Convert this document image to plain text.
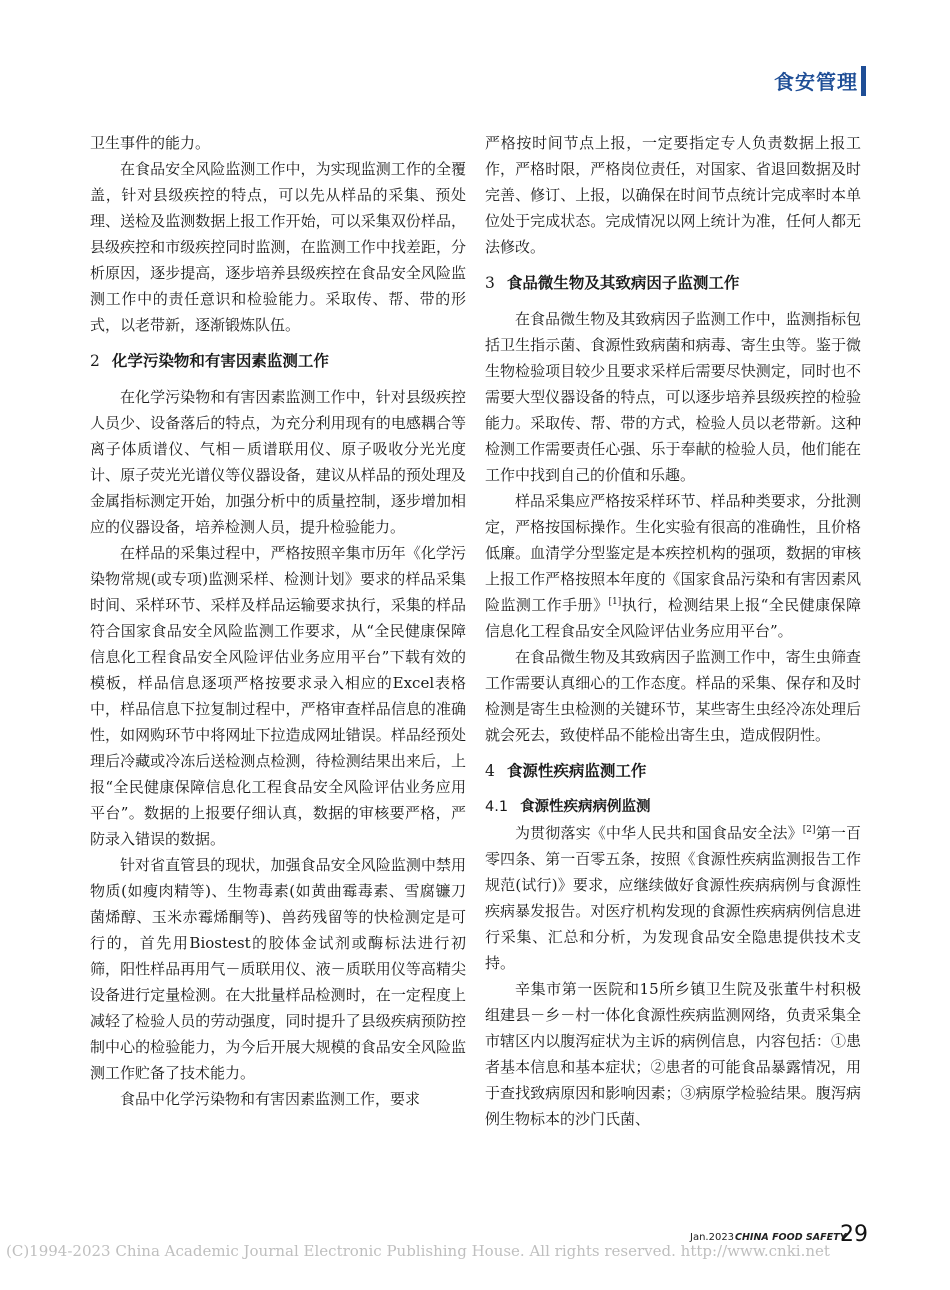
食安管理

卫生事件的能力。

在食品安全风险监测工作中，为实现监测工作的全覆盖，针对县级疾控的特点，可以先从样品的采集、预处理、送检及监测数据上报工作开始，可以采集双份样品，县级疾控和市级疾控同时监测，在监测工作中找差距，分析原因，逐步提高，逐步培养县级疾控在食品安全风险监测工作中的责任意识和检验能力。采取传、帮、带的形式，以老带新，逐渐锻炼队伍。

2 化学污染物和有害因素监测工作

在化学污染物和有害因素监测工作中，针对县级疾控人员少、设备落后的特点，为充分利用现有的电感耦合等离子体质谱仪、气相－质谱联用仪、原子吸收分光光度计、原子荧光光谱仪等仪器设备，建议从样品的预处理及金属指标测定开始，加强分析中的质量控制，逐步增加相应的仪器设备，培养检测人员，提升检验能力。

在样品的采集过程中，严格按照辛集市历年《化学污染物常规(或专项)监测采样、检测计划》要求的样品采集时间、采样环节、采样及样品运输要求执行，采集的样品符合国家食品安全风险监测工作要求，从“全民健康保障信息化工程食品安全风险评估业务应用平台”下载有效的模板，样品信息逐项严格按要求录入相应的Excel表格中，样品信息下拉复制过程中，严格审查样品信息的准确性，如网购环节中将网址下拉造成网址错误。样品经预处理后冷藏或冷冻后送检测点检测，待检测结果出来后，上报“全民健康保障信息化工程食品安全风险评估业务应用平台”。数据的上报要仔细认真，数据的审核要严格，严防录入错误的数据。

针对省直管县的现状，加强食品安全风险监测中禁用物质(如瘦肉精等)、生物毒素(如黄曲霉毒素、雪腐镰刀菌烯醇、玉米赤霉烯酮等)、兽药残留等的快检测定是可行的，首先用Biostest的胶体金试剂或酶标法进行初筛，阳性样品再用气－质联用仪、液－质联用仪等高精尖设备进行定量检测。在大批量样品检测时，在一定程度上减轻了检验人员的劳动强度，同时提升了县级疾病预防控制中心的检验能力，为今后开展大规模的食品安全风险监测工作贮备了技术能力。

食品中化学污染物和有害因素监测工作，要求

严格按时间节点上报，一定要指定专人负责数据上报工作，严格时限，严格岗位责任，对国家、省退回数据及时完善、修订、上报，以确保在时间节点统计完成率时本单位处于完成状态。完成情况以网上统计为准，任何人都无法修改。

3 食品微生物及其致病因子监测工作

在食品微生物及其致病因子监测工作中，监测指标包括卫生指示菌、食源性致病菌和病毒、寄生虫等。鉴于微生物检验项目较少且要求采样后需要尽快测定，同时也不需要大型仪器设备的特点，可以逐步培养县级疾控的检验能力。采取传、帮、带的方式，检验人员以老带新。这种检测工作需要责任心强、乐于奉献的检验人员，他们能在工作中找到自己的价值和乐趣。

样品采集应严格按采样环节、样品种类要求，分批测定，严格按国标操作。生化实验有很高的准确性，且价格低廉。血清学分型鉴定是本疾控机构的强项，数据的审核上报工作严格按照本年度的《国家食品污染和有害因素风险监测工作手册》[1]执行，检测结果上报“全民健康保障信息化工程食品安全风险评估业务应用平台”。

在食品微生物及其致病因子监测工作中，寄生虫筛查工作需要认真细心的工作态度。样品的采集、保存和及时检测是寄生虫检测的关键环节，某些寄生虫经冷冻处理后就会死去，致使样品不能检出寄生虫，造成假阴性。

4 食源性疾病监测工作
4.1 食源性疾病病例监测

为贯彻落实《中华人民共和国食品安全法》[2]第一百零四条、第一百零五条，按照《食源性疾病监测报告工作规范(试行)》要求，应继续做好食源性疾病病例与食源性疾病暴发报告。对医疗机构发现的食源性疾病病例信息进行采集、汇总和分析，为发现食品安全隐患提供技术支持。

辛集市第一医院和15所乡镇卫生院及张董牛村积极组建县－乡－村一体化食源性疾病监测网络，负责采集全市辖区内以腹泻症状为主诉的病例信息，内容包括：①患者基本信息和基本症状；②患者的可能食品暴露情况，用于查找致病原因和影响因素；③病原学检验结果。腹泻病例生物标本的沙门氏菌、

Jan.2023 CHINA FOOD SAFETY
29
(C)1994-2023 China Academic Journal Electronic Publishing House. All rights reserved. http://www.cnki.net
